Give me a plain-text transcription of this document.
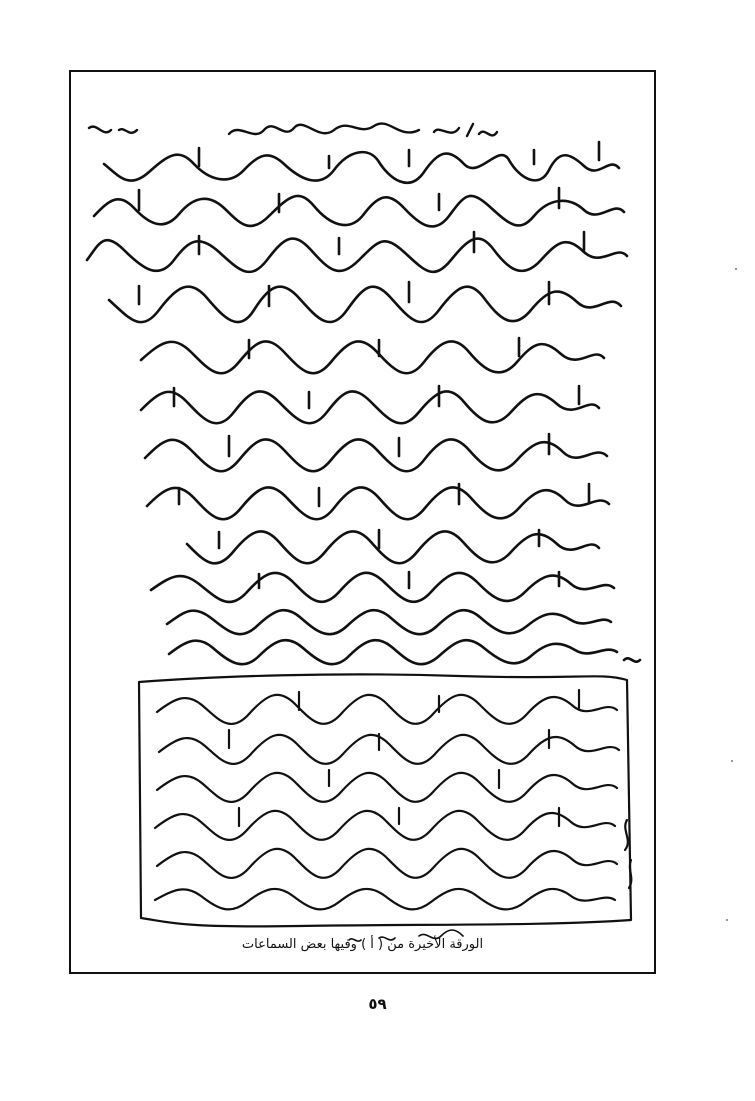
الورقة الأخيرة من ( أ ) وفيها بعض السماعات
٥٩
